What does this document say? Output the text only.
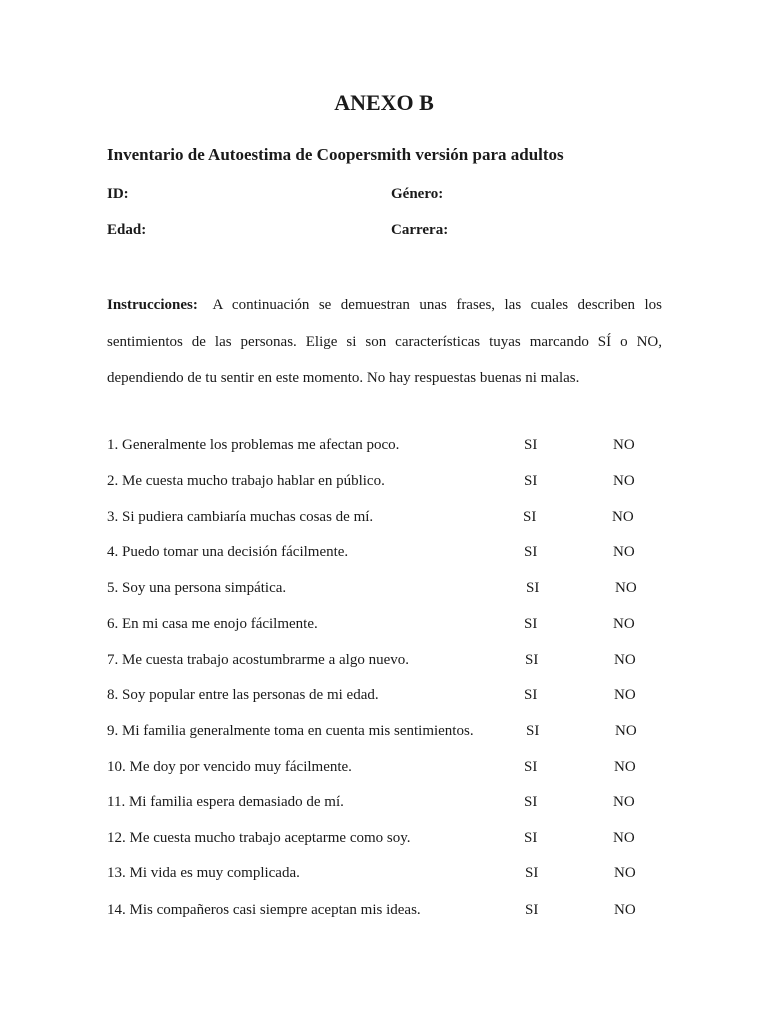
ANEXO B
Inventario de Autoestima de Coopersmith versión para adultos
ID:	Género:
Edad:	Carrera:

Instrucciones: A continuación se demuestran unas frases, las cuales describen los sentimientos de las personas. Elige si son características tuyas marcando SÍ o NO, dependiendo de tu sentir en este momento. No hay respuestas buenas ni malas.

1. Generalmente los problemas me afectan poco.	SI	NO
2. Me cuesta mucho trabajo hablar en público.	SI	NO
3. Si pudiera cambiaría muchas cosas de mí.	SI	NO
4. Puedo tomar una decisión fácilmente.	SI	NO
5. Soy una persona simpática.	SI	NO
6. En mi casa me enojo fácilmente.	SI	NO
7. Me cuesta trabajo acostumbrarme a algo nuevo.	SI	NO
8. Soy popular entre las personas de mi edad.	SI	NO
9. Mi familia generalmente toma en cuenta mis sentimientos.	SI	NO
10. Me doy por vencido muy fácilmente.	SI	NO
11. Mi familia espera demasiado de mí.	SI	NO
12. Me cuesta mucho trabajo aceptarme como soy.	SI	NO
13. Mi vida es muy complicada.	SI	NO
14. Mis compañeros casi siempre aceptan mis ideas.	SI	NO
